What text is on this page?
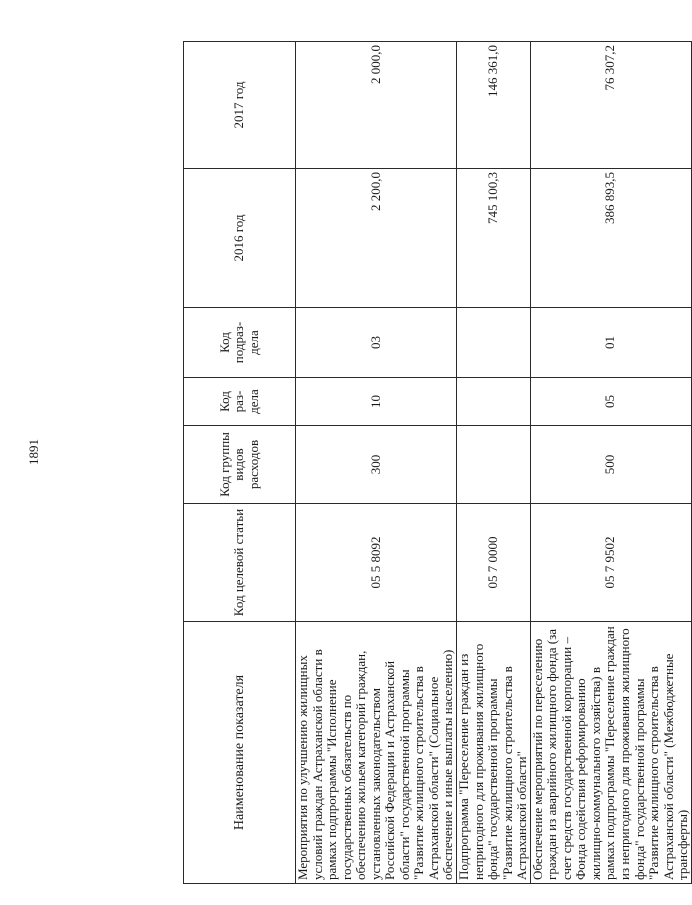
1891
Наименование показателя	Код целевой статьи	Код группы видов расходов	Код раз-дела	Код подраз-дела	2016 год	2017 год
Мероприятия по улучшению жилищных условий граждан Астраханской области в рамках подпрограммы "Исполнение государственных обязательств по обеспечению жильем категорий граждан, установленных законодательством Российской Федерации и Астраханской области" государственной программы "Развитие жилищного строительства в Астраханской области" (Социальное обеспечение и иные выплаты населению)	05 5 8092	300	10	03	2 200,0	2 000,0
Подпрограмма "Переселение граждан из непригодного для проживания жилищного фонда" государственной программы "Развитие жилищного строительства в Астраханской области"	05 7 0000				745 100,3	146 361,0
Обеспечение мероприятий по переселению граждан из аварийного жилищного фонда (за счет средств государственной корпорации – Фонда содействия реформированию жилищно-коммунального хозяйства) в рамках подпрограммы "Переселение граждан из непригодного для проживания жилищного фонда" государственной программы "Развитие жилищного строительства в Астраханской области" (Межбюджетные трансферты)	05 7 9502	500	05	01	386 893,5	76 307,2
